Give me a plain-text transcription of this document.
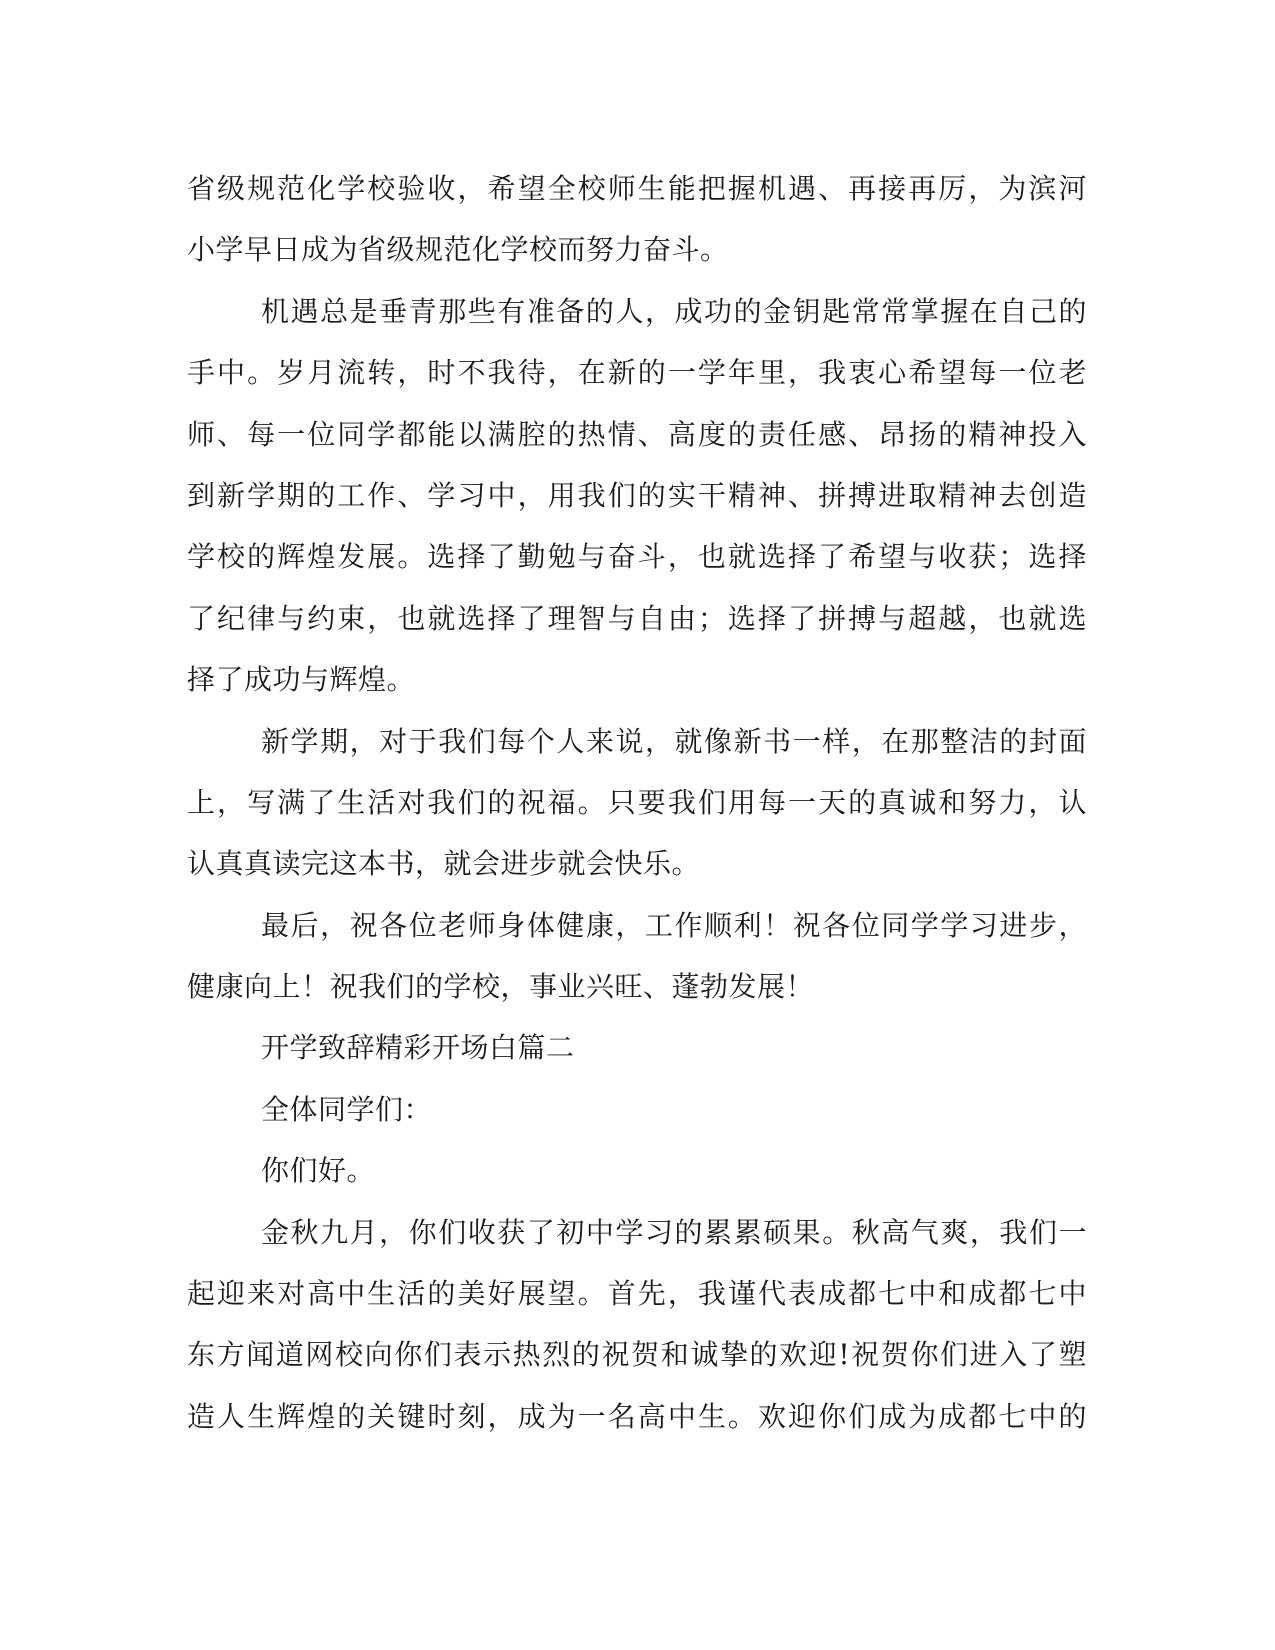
省级规范化学校验收，希望全校师生能把握机遇、再接再厉，为滨河
小学早日成为省级规范化学校而努力奋斗。
机遇总是垂青那些有准备的人，成功的金钥匙常常掌握在自己的
手中。岁月流转，时不我待，在新的一学年里，我衷心希望每一位老
师、每一位同学都能以满腔的热情、高度的责任感、昂扬的精神投入
到新学期的工作、学习中，用我们的实干精神、拼搏进取精神去创造
学校的辉煌发展。选择了勤勉与奋斗，也就选择了希望与收获；选择
了纪律与约束，也就选择了理智与自由；选择了拼搏与超越，也就选
择了成功与辉煌。
新学期，对于我们每个人来说，就像新书一样，在那整洁的封面
上，写满了生活对我们的祝福。只要我们用每一天的真诚和努力，认
认真真读完这本书，就会进步就会快乐。
最后，祝各位老师身体健康，工作顺利！祝各位同学学习进步，
健康向上！祝我们的学校，事业兴旺、蓬勃发展！
开学致辞精彩开场白篇二
全体同学们：
你们好。
金秋九月，你们收获了初中学习的累累硕果。秋高气爽，我们一
起迎来对高中生活的美好展望。首先，我谨代表成都七中和成都七中
东方闻道网校向你们表示热烈的祝贺和诚挚的欢迎!祝贺你们进入了塑
造人生辉煌的关键时刻，成为一名高中生。欢迎你们成为成都七中的
